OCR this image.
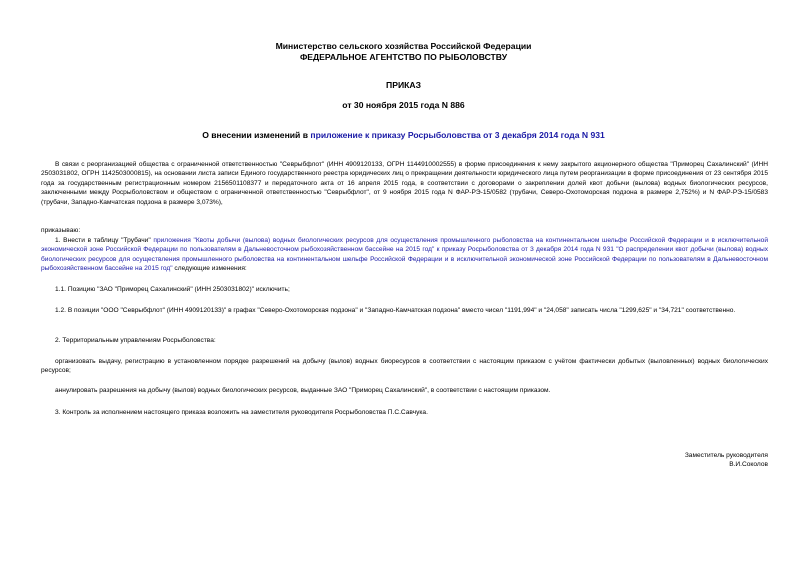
Министерство сельского хозяйства Российской Федерации
ФЕДЕРАЛЬНОЕ АГЕНТСТВО ПО РЫБОЛОВСТВУ
ПРИКАЗ
от 30 ноября 2015 года N 886
О внесении изменений в приложение к приказу Росрыболовства от 3 декабря 2014 года N 931

В связи с реорганизацией общества с ограниченной ответственностью "Севрыбфлот" (ИНН 4909120133, ОГРН 1144910002555) в форме присоединения к нему закрытого акционерного общества "Приморец Сахалинский" (ИНН 2503031802, ОГРН 1142503000815), на основании листа записи Единого государственного реестра юридических лиц о прекращении деятельности юридического лица путем реорганизации в форме присоединения от 23 сентября 2015 года за государственным регистрационным номером 2156501108377 и передаточного акта от 16 апреля 2015 года, в соответствии с договорами о закреплении долей квот добычи (вылова) водных биологических ресурсов, заключенными между Росрыболовством и обществом с ограниченной ответственностью "Севрыбфлот", от 9 ноября 2015 года N ФАР-РЭ-15/0582 (трубачи, Северо-Охотоморская подзона в размере 2,752%) и N ФАР-РЭ-15/0583 (трубачи, Западно-Камчатская подзона в размере 3,073%),

приказываю:

1. Внести в таблицу "Трубачи" приложения "Квоты добычи (вылова) водных биологических ресурсов для осуществления промышленного рыболовства на континентальном шельфе Российской Федерации и в исключительной экономической зоне Российской Федерации по пользователям в Дальневосточном рыбохозяйственном бассейне на 2015 год" к приказу Росрыболовства от 3 декабря 2014 года N 931 "О распределении квот добычи (вылова) водных биологических ресурсов для осуществления промышленного рыболовства на континентальном шельфе Российской Федерации и в исключительной экономической зоне Российской Федерации по пользователям в Дальневосточном рыбохозяйственном бассейне на 2015 год" следующие изменения:

1.1. Позицию "ЗАО "Приморец Сахалинский" (ИНН 2503031802)" исключить;

1.2. В позиции "ООО "Севрыбфлот" (ИНН 4909120133)" в графах "Северо-Охотоморская подзона" и "Западно-Камчатская подзона" вместо чисел "1191,994" и "24,058" записать числа "1299,625" и "34,721" соответственно.

2. Территориальным управлениям Росрыболовства:

организовать выдачу, регистрацию в установленном порядке разрешений на добычу (вылов) водных биоресурсов в соответствии с настоящим приказом с учётом фактически добытых (выловленных) водных биологических ресурсов;

аннулировать разрешения на добычу (вылов) водных биологических ресурсов, выданные ЗАО "Приморец Сахалинский", в соответствии с настоящим приказом.

3. Контроль за исполнением настоящего приказа возложить на заместителя руководителя Росрыболовства П.С.Савчука.

Заместитель руководителя
В.И.Соколов
